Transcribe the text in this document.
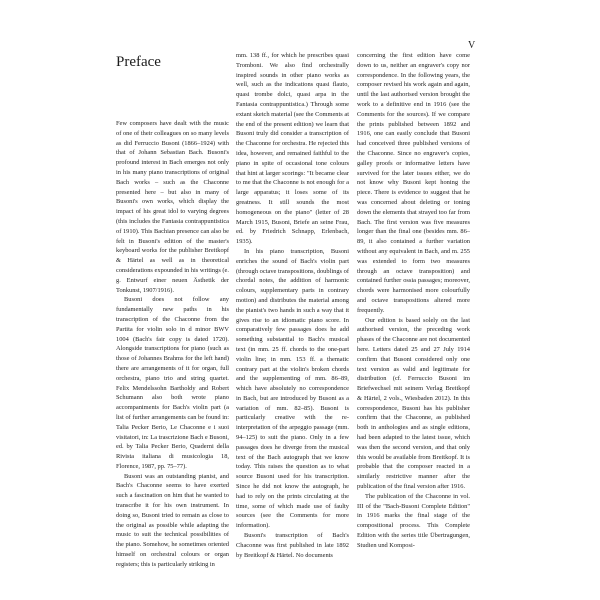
V
Preface

Few composers have dealt with the music of one of their colleagues on so many levels as did Ferruccio Busoni (1866–1924) with that of Johann Sebastian Bach. Busoni's profound interest in Bach emerges not only in his many piano transcriptions of original Bach works – such as the Chaconne presented here – but also in many of Busoni's own works, which display the impact of his great idol to varying degrees (this includes the Fantasia contrappuntistica of 1910). This Bachian presence can also be felt in Busoni's edition of the master's keyboard works for the publisher Breitkopf & Härtel as well as in theoretical considerations expounded in his writings (e. g. Entwurf einer neuen Ästhetik der Tonkunst, 1907/1916).

Busoni does not follow any fundamentally new paths in his transcription of the Chaconne from the Partita for violin solo in d minor BWV 1004 (Bach's fair copy is dated 1720). Alongside transcriptions for piano (such as those of Johannes Brahms for the left hand) there are arrangements of it for organ, full orchestra, piano trio and string quartet. Felix Mendelssohn Bartholdy and Robert Schumann also both wrote piano accompaniments for Bach's violin part (a list of further arrangements can be found in: Talia Pecker Berio, Le Chaconne e i suoi visitatori, in: La trascrizione Bach e Busoni, ed. by Talia Pecker Berio, Quaderni della Rivista italiana di musicologia 18, Florence, 1987, pp. 75–77).

Busoni was an outstanding pianist, and Bach's Chaconne seems to have exerted such a fascination on him that he wanted to transcribe it for his own instrument. In doing so, Busoni tried to remain as close to the original as possible while adapting the music to suit the technical possibilities of the piano. Somehow, he sometimes oriented himself on orchestral colours or organ registers; this is particularly striking in

mm. 138 ff., for which he prescribes quasi Tromboni. We also find orchestrally inspired sounds in other piano works as well, such as the indications quasi flauto, quasi trombe dolci, quasi arpa in the Fantasia contrappuntistica.) Through some extant sketch material (see the Comments at the end of the present edition) we learn that Busoni truly did consider a transcription of the Chaconne for orchestra. He rejected this idea, however, and remained faithful to the piano in spite of occasional tone colours that hint at larger scorings: "It became clear to me that the Chaconne is not enough for a large apparatus; it loses some of its greatness. It still sounds the most homogeneous on the piano" (letter of 28 March 1915, Busoni, Briefe an seine Frau, ed. by Friedrich Schnapp, Erlenbach, 1935).

In his piano transcription, Busoni enriches the sound of Bach's violin part (through octave transpositions, doublings of chordal notes, the addition of harmonic colours, supplementary parts in contrary motion) and distributes the material among the pianist's two hands in such a way that it gives rise to an idiomatic piano score. In comparatively few passages does he add something substantial to Bach's musical text (in mm. 25 ff. chords to the one-part violin line; in mm. 153 ff. a thematic contrary part at the violin's broken chords and the supplementing of mm. 86–89, which have absolutely no correspondence in Bach, but are introduced by Busoni as a variation of mm. 82–85). Busoni is particularly creative with the re-interpretation of the arpeggio passage (mm. 94–125) to suit the piano. Only in a few passages does he diverge from the musical text of the Bach autograph that we know today. This raises the question as to what source Busoni used for his transcription. Since he did not know the autograph, he had to rely on the prints circulating at the time, some of which made use of faulty sources (see the Comments for more information).

Busoni's transcription of Bach's Chaconne was first published in late 1892 by Breitkopf & Härtel. No documents

concerning the first edition have come down to us, neither an engraver's copy nor correspondence. In the following years, the composer revised his work again and again, until the last authorised version brought the work to a definitive end in 1916 (see the Comments for the sources). If we compare the prints published between 1892 and 1916, one can easily conclude that Busoni had conceived three published versions of the Chaconne. Since no engraver's copies, galley proofs or informative letters have survived for the later issues either, we do not know why Busoni kept honing the piece. There is evidence to suggest that he was concerned about deleting or toning down the elements that strayed too far from Bach. The first version was five measures longer than the final one (besides mm. 86–89, it also contained a further variation without any equivalent in Bach, and m. 255 was extended to form two measures through an octave transposition) and contained further ossia passages; moreover, chords were harmonised more colourfully and octave transpositions altered more frequently.

Our edition is based solely on the last authorised version, the preceding work phases of the Chaconne are not documented here. Letters dated 25 and 27 July 1914 confirm that Busoni considered only one text version as valid and legitimate for distribution (cf. Ferruccio Busoni im Briefwechsel mit seinem Verlag Breitkopf & Härtel, 2 vols., Wiesbaden 2012). In this correspondence, Busoni has his publisher confirm that the Chaconne, as published both in anthologies and as single editions, had been adapted to the latest issue, which was then the second version, and that only this would be available from Breitkopf. It is probable that the composer reacted in a similarly restrictive manner after the publication of the final version after 1916.

The publication of the Chaconne in vol. III of the "Bach-Busoni Complete Edition" in 1916 marks the final stage of the compositional process. This Complete Edition with the series title Übertragungen, Studien und Komposi-
